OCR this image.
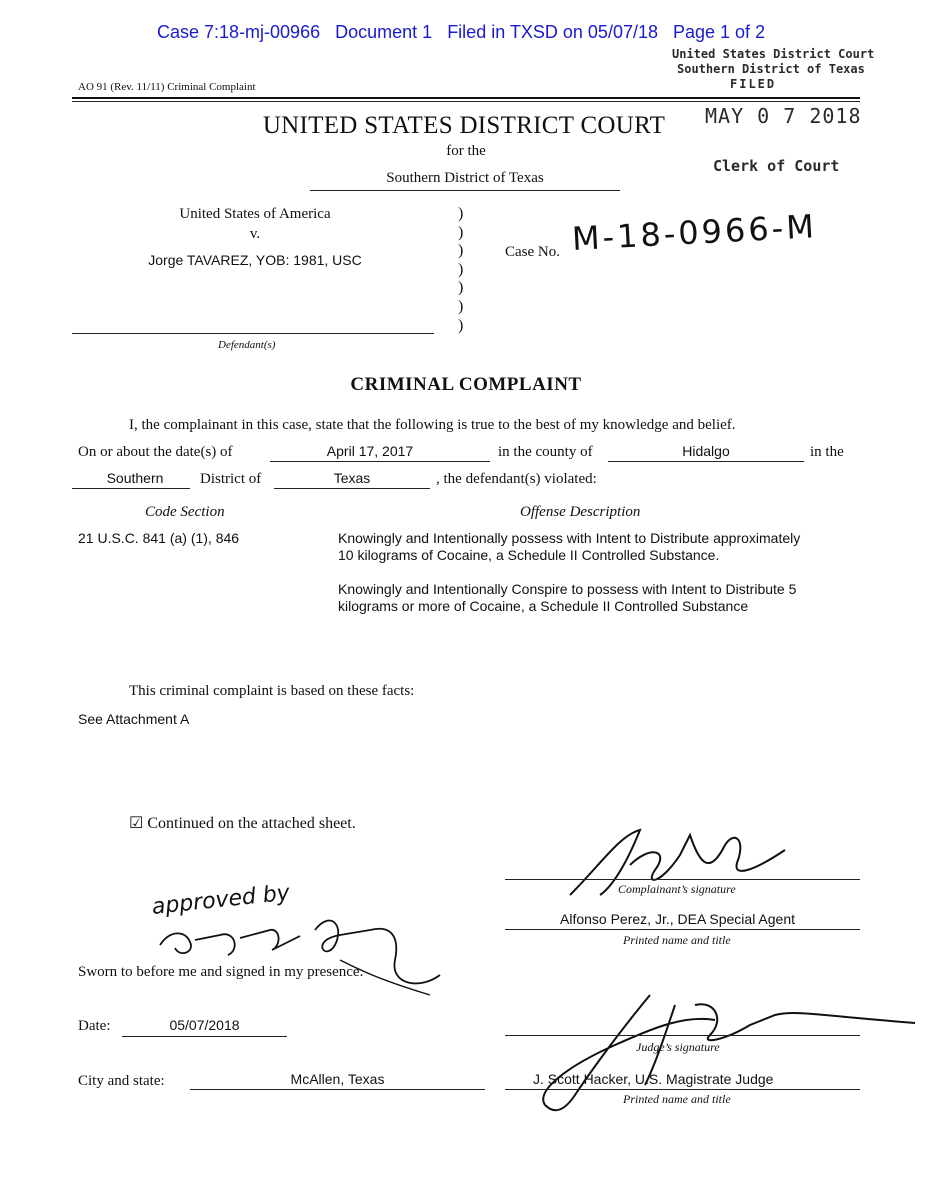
Case 7:18-mj-00966 Document 1 Filed in TXSD on 05/07/18 Page 1 of 2
United States District Court
Southern District of Texas
FILED
MAY 0 7 2018
Clerk of Court
AO 91 (Rev. 11/11) Criminal Complaint
UNITED STATES DISTRICT COURT
for the
Southern District of Texas
United States of America
v.
Jorge TAVAREZ, YOB: 1981, USC
)
)
)
)
)
)
)
Defendant(s)
Case No. M-18-0966-M
CRIMINAL COMPLAINT
I, the complainant in this case, state that the following is true to the best of my knowledge and belief.
On or about the date(s) of	April 17, 2017	in the county of	Hidalgo	in the
Southern	District of	Texas	, the defendant(s) violated:
Code Section	Offense Description
21 U.S.C. 841 (a) (1), 846	Knowingly and Intentionally possess with Intent to Distribute approximately
10 kilograms of Cocaine, a Schedule II Controlled Substance.
Knowingly and Intentionally Conspire to possess with Intent to Distribute 5
kilograms or more of Cocaine, a Schedule II Controlled Substance
This criminal complaint is based on these facts:
See Attachment A
☑ Continued on the attached sheet.
approved by	Complainant’s signature
Alfonso Perez, Jr., DEA Special Agent
Printed name and title
Sworn to before me and signed in my presence.
Date:	05/07/2018
Judge’s signature
J. Scott Hacker, U.S. Magistrate Judge
Printed name and title
City and state:	McAllen, Texas
